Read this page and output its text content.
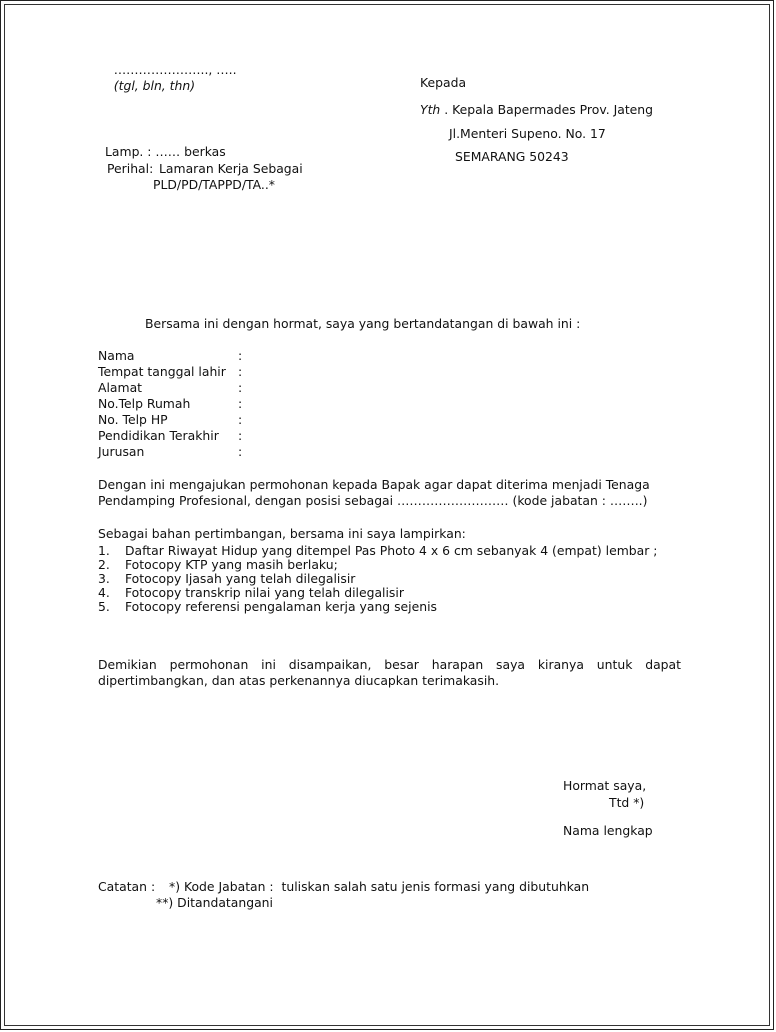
………………….., …..
(tgl, bln, thn)
	Kepada
Yth . Kepala Bapermades Prov. Jateng
Jl.Menteri Supeno. No. 17
SEMARANG 50243
Lamp. : …… berkas
Perihal: Lamaran Kerja Sebagai
PLD/PD/TAPPD/TA..*
Bersama ini dengan hormat, saya yang bertandatangan di bawah ini :
Nama	:
Tempat tanggal lahir :
Alamat	:
No.Telp Rumah	:
No. Telp HP	:
Pendidikan Terakhir :
Jurusan	:
Dengan ini mengajukan permohonan kepada Bapak agar dapat diterima menjadi Tenaga
Pendamping Profesional, dengan posisi sebagai ……………………… (kode jabatan : ……..)
Sebagai bahan pertimbangan, bersama ini saya lampirkan:
1. Daftar Riwayat Hidup yang ditempel Pas Photo 4 x 6 cm sebanyak 4 (empat) lembar ;
2. Fotocopy KTP yang masih berlaku;
3. Fotocopy Ijasah yang telah dilegalisir
4. Fotocopy transkrip nilai yang telah dilegalisir
5. Fotocopy referensi pengalaman kerja yang sejenis
Demikian permohonan ini disampaikan, besar harapan saya kiranya untuk dapat
dipertimbangkan, dan atas perkenannya diucapkan terimakasih.
Hormat saya,
Ttd *)
Nama lengkap
Catatan : *) Kode Jabatan :  tuliskan salah satu jenis formasi yang dibutuhkan
**) Ditandatangani
